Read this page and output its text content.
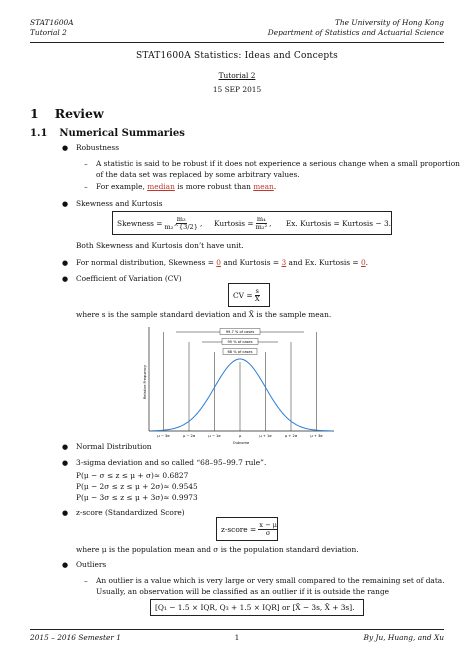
STAT1600A
Tutorial 2
The University of Hong Kong
Department of Statistics and Actuarial Science
STAT1600A Statistics: Ideas and Concepts
Tutorial 2
15 SEP 2015
1 Review
1.1 Numerical Summaries
● Robustness
– A statistic is said to be robust if it does not experience a serious change when a small proportion
of the data set was replaced by some arbitrary values.
– For example, median is more robust than mean.
● Skewness and Kurtosis
Skewness = $\frac{\text{m₃}}{\text{m₂\textasciicircum{}\{3/2\}}}$ , Kurtosis = $\frac{\text{m₄}}{\text{m₂²}}$ , Ex. Kurtosis = Kurtosis − 3.
Both Skewness and Kurtosis don’t have unit.
● For normal distribution, Skewness = 0 and Kurtosis = 3 and Ex. Kurtosis = 0.
● Coefficient of Variation (CV)
CV = $\frac{s}{X̄}$
where s is the sample standard deviation and X̄ is the sample mean.
Relative Frequency
Outcome
99.7 % of cases
95 % of cases
68 % of cases
μ − 3σ	μ − 2σ	μ − 1σ	μ	μ + 1σ	μ + 2σ	μ + 3σ
● Normal Distribution
● 3-sigma deviation and so called “68–95–99.7 rule”.
P(μ − σ ≤ z ≤ μ + σ)≈ 0.6827
P(μ − 2σ ≤ z ≤ μ + 2σ)≈ 0.9545
P(μ − 3σ ≤ z ≤ μ + 3σ)≈ 0.9973
● z-score (Standardized Score)
z-score = $\frac{x - \mu}{\sigma}$
where μ is the population mean and σ is the population standard deviation.
● Outliers
– An outlier is a value which is very large or very small compared to the remaining set of data.
Usually, an observation will be classified as an outlier if it is outside the range
[Q₁ − 1.5 × IQR, Q₃ + 1.5 × IQR] or [X̄ − 3s, X̄ + 3s].
2015 – 2016 Semester 1	1	By Ju, Huang, and Xu
